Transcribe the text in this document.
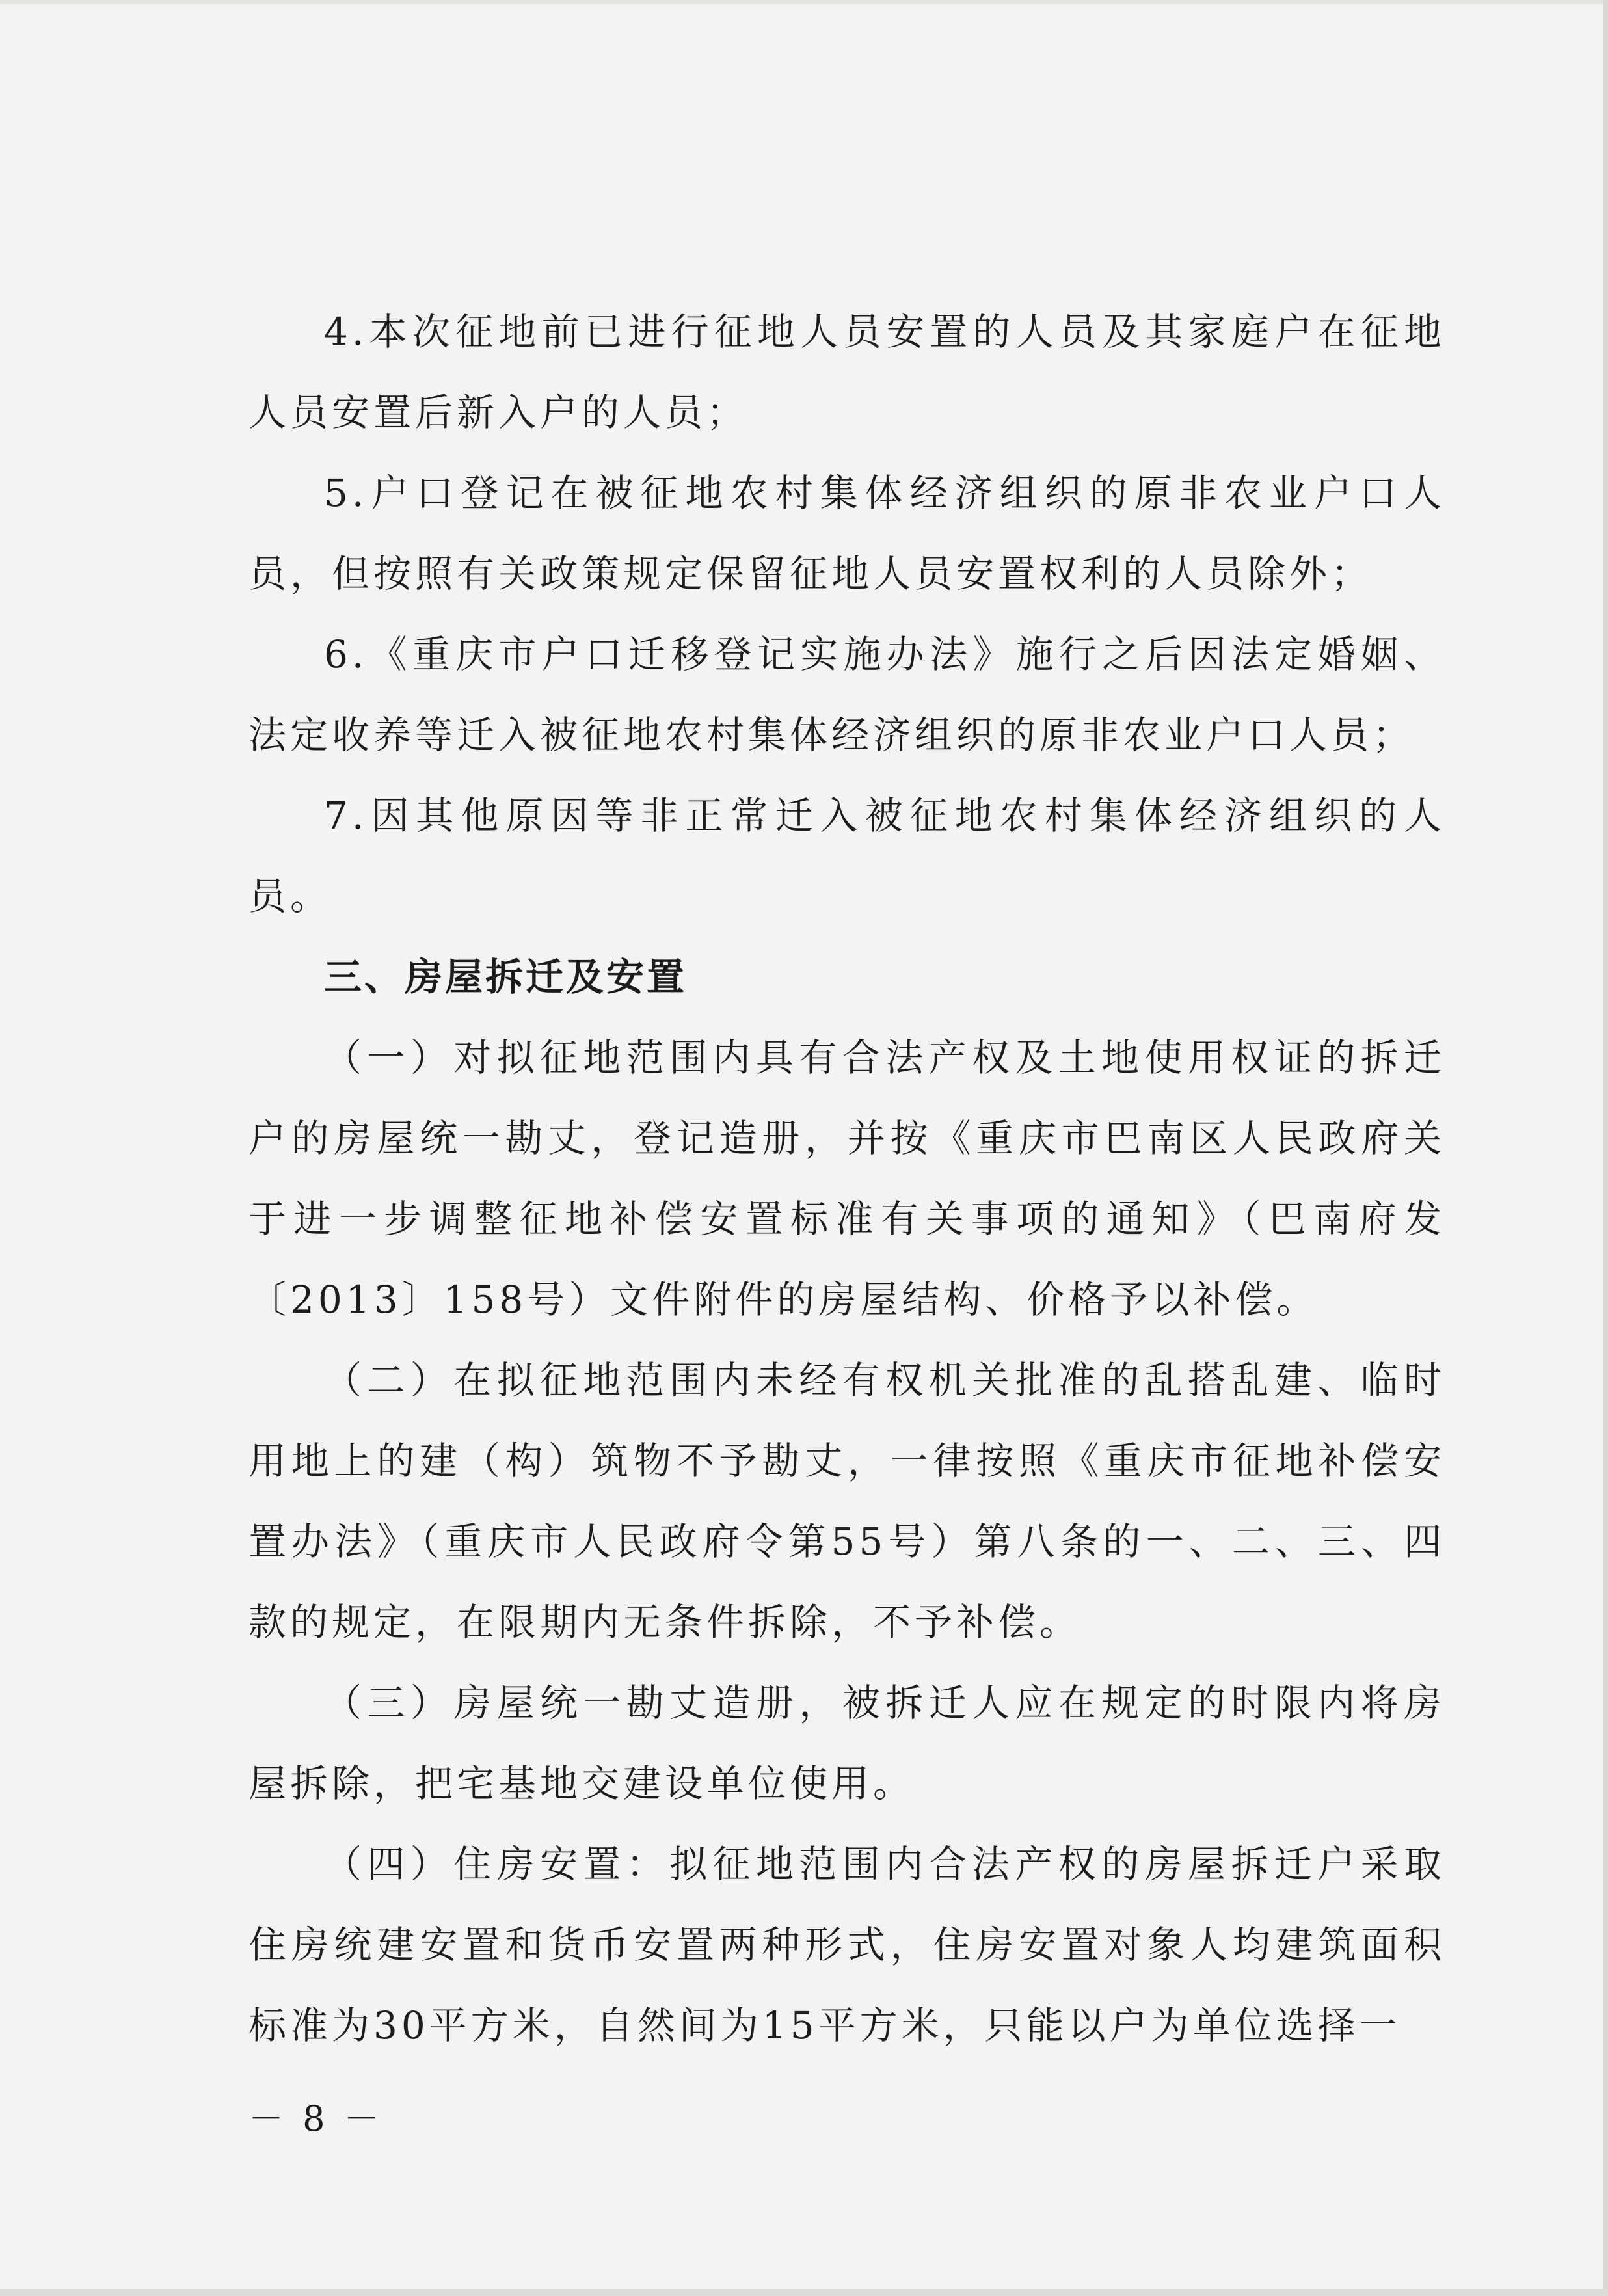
4.本次征地前已进行征地人员安置的人员及其家庭户在征地人员安置后新入户的人员；

5.户口登记在被征地农村集体经济组织的原非农业户口人员，但按照有关政策规定保留征地人员安置权利的人员除外；

6.《重庆市户口迁移登记实施办法》施行之后因法定婚姻、法定收养等迁入被征地农村集体经济组织的原非农业户口人员；

7.因其他原因等非正常迁入被征地农村集体经济组织的人员。

三、房屋拆迁及安置

（一）对拟征地范围内具有合法产权及土地使用权证的拆迁户的房屋统一勘丈，登记造册，并按《重庆市巴南区人民政府关于进一步调整征地补偿安置标准有关事项的通知》（巴南府发〔2013〕158号）文件附件的房屋结构、价格予以补偿。

（二）在拟征地范围内未经有权机关批准的乱搭乱建、临时用地上的建（构）筑物不予勘丈，一律按照《重庆市征地补偿安置办法》（重庆市人民政府令第55号）第八条的一、二、三、四款的规定，在限期内无条件拆除，不予补偿。

（三）房屋统一勘丈造册，被拆迁人应在规定的时限内将房屋拆除，把宅基地交建设单位使用。

（四）住房安置：拟征地范围内合法产权的房屋拆迁户采取住房统建安置和货币安置两种形式，住房安置对象人均建筑面积标准为30平方米，自然间为15平方米，只能以户为单位选择一

－ 8 －
